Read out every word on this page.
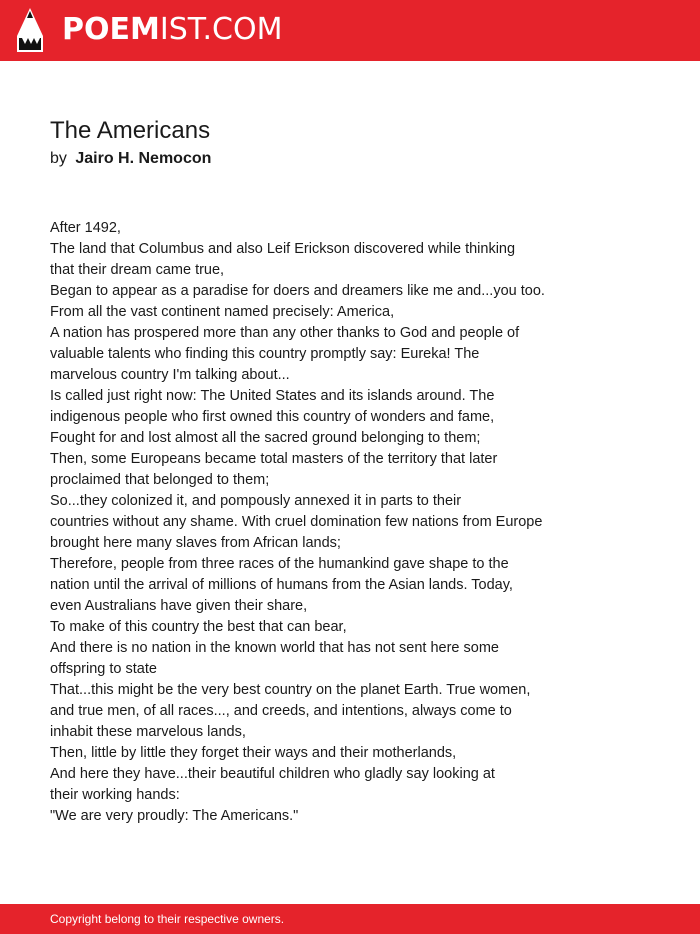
POEMIST.COM
The Americans
by Jairo H. Nemocon
After 1492,
The land that Columbus and also Leif Erickson discovered while thinking
that their dream came true,
Began to appear as a paradise for doers and dreamers like me and...you too.
From all the vast continent named precisely: America,
A nation has prospered more than any other thanks to God and people of
valuable talents who finding this country promptly say: Eureka! The
marvelous country I'm talking about...
Is called just right now: The United States and its islands around. The
indigenous people who first owned this country of wonders and fame,
Fought for and lost almost all the sacred ground belonging to them;
Then, some Europeans became total masters of the territory that later
proclaimed that belonged to them;
So...they colonized it, and pompously annexed it in parts to their
countries without any shame. With cruel domination few nations from Europe
brought here many slaves from African lands;
Therefore, people from three races of the humankind gave shape to the
nation until the arrival of millions of humans from the Asian lands. Today,
even Australians have given their share,
To make of this country the best that can bear,
And there is no nation in the known world that has not sent here some
offspring to state
That...this might be the very best country on the planet Earth. True women,
and true men, of all races..., and creeds, and intentions, always come to
inhabit these marvelous lands,
Then, little by little they forget their ways and their motherlands,
And here they have...their beautiful children who gladly say looking at
their working hands:
"We are very proudly: The Americans."
Copyright belong to their respective owners.
